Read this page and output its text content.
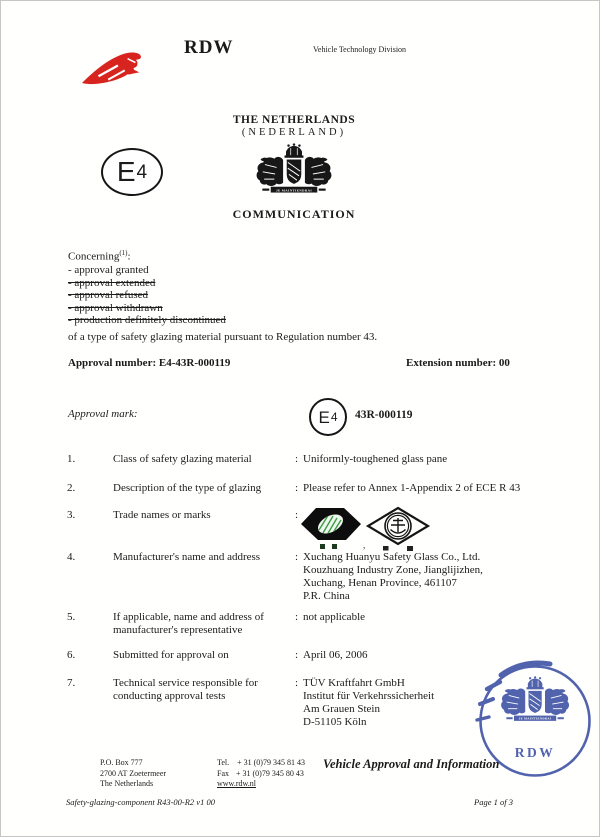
RDW	Vehicle Technology Division
THE NETHERLANDS
(NEDERLAND)
E 4
COMMUNICATION
Concerning$^{(1)}$:
- approval granted
- approval extended
- approval refused
- approval withdrawn
- production definitely discontinued
of a type of safety glazing material pursuant to Regulation number 43.
Approval number: E4-43R-000119	Extension number: 00
Approval mark:	E 4 43R-000119
1.	Class of safety glazing material	: Uniformly-toughened glass pane
2.	Description of the type of glazing	: Please refer to Annex 1-Appendix 2 of ECE R 43
3.	Trade names or marks	:
,
4.	Manufacturer's name and address	: Xuchang Huanyu Safety Glass Co., Ltd.
Kouzhuang Industry Zone, Jianglijizhen,
Xuchang, Henan Province, 461107
P.R. China
5.	If applicable, name and address of
manufacturer's representative
: not applicable
6.	Submitted for approval on	: April 06, 2006
7.	Technical service responsible for
conducting approval tests
: TÜV Kraftfahrt GmbH
Institut für Verkehrssicherheit
Am Grauen Stein
D-51105 Köln
RDW
P.O. Box 777
2700 AT Zoetermeer
The Netherlands
Tel. + 31 (0)79 345 81 43
Fax + 31 (0)79 345 80 43
www.rdw.nl
Vehicle Approval and Information
Safety-glazing-component R43-00-R2 v1 00	Page 1 of 3
